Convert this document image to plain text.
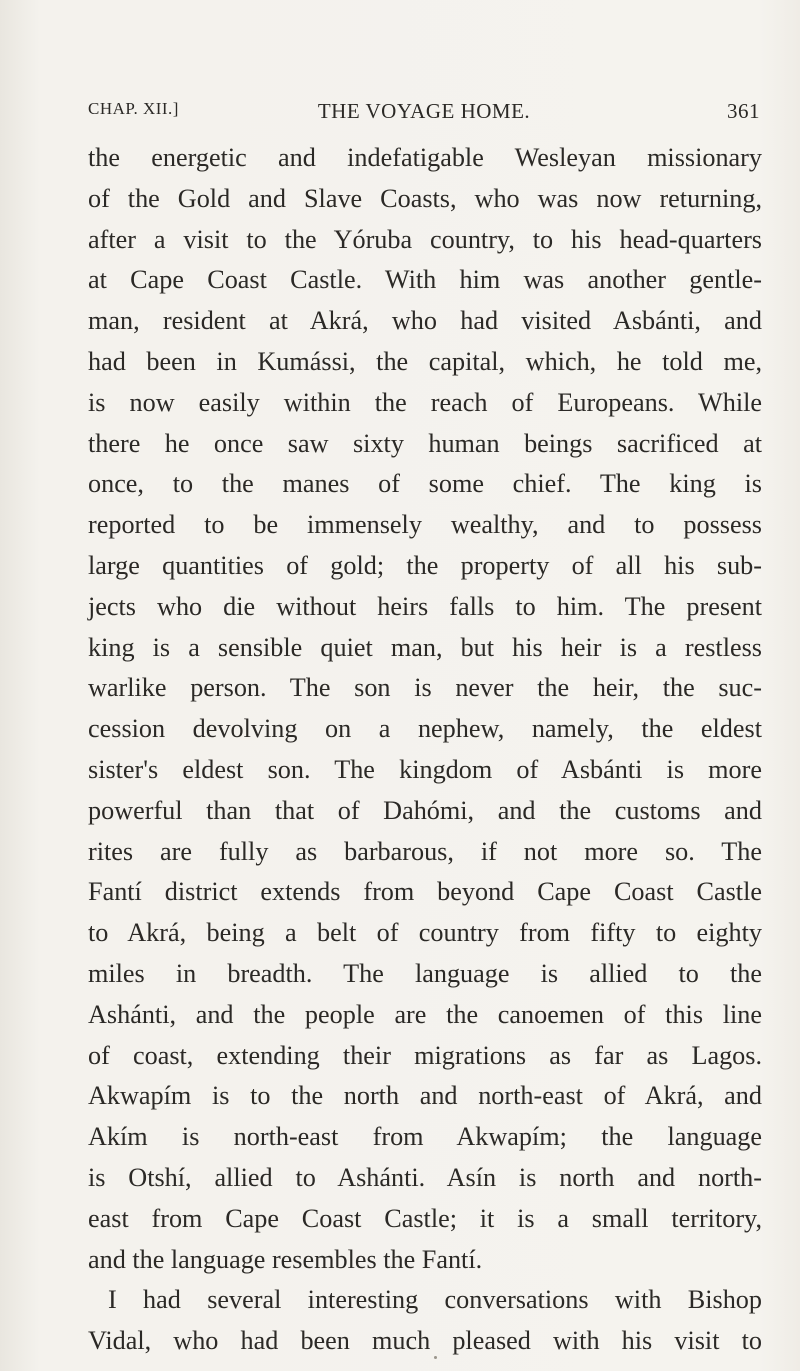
CHAP. XII.]	THE VOYAGE HOME.	361
the energetic and indefatigable Wesleyan missionary
of the Gold and Slave Coasts, who was now returning,
after a visit to the Yóruba country, to his head-quarters
at Cape Coast Castle. With him was another gentle-
man, resident at Akrá, who had visited Asbánti, and
had been in Kumássi, the capital, which, he told me,
is now easily within the reach of Europeans. While
there he once saw sixty human beings sacrificed at
once, to the manes of some chief. The king is
reported to be immensely wealthy, and to possess
large quantities of gold; the property of all his sub-
jects who die without heirs falls to him. The present
king is a sensible quiet man, but his heir is a restless
warlike person. The son is never the heir, the suc-
cession devolving on a nephew, namely, the eldest
sister's eldest son. The kingdom of Asbánti is more
powerful than that of Dahómi, and the customs and
rites are fully as barbarous, if not more so. The
Fantí district extends from beyond Cape Coast Castle
to Akrá, being a belt of country from fifty to eighty
miles in breadth. The language is allied to the
Ashánti, and the people are the canoemen of this line
of coast, extending their migrations as far as Lagos.
Akwapím is to the north and north-east of Akrá, and
Akím is north-east from Akwapím; the language
is Otshí, allied to Ashánti. Asín is north and north-
east from Cape Coast Castle; it is a small territory,
and the language resembles the Fantí.
I had several interesting conversations with Bishop
Vidal, who had been much pleased with his visit to
